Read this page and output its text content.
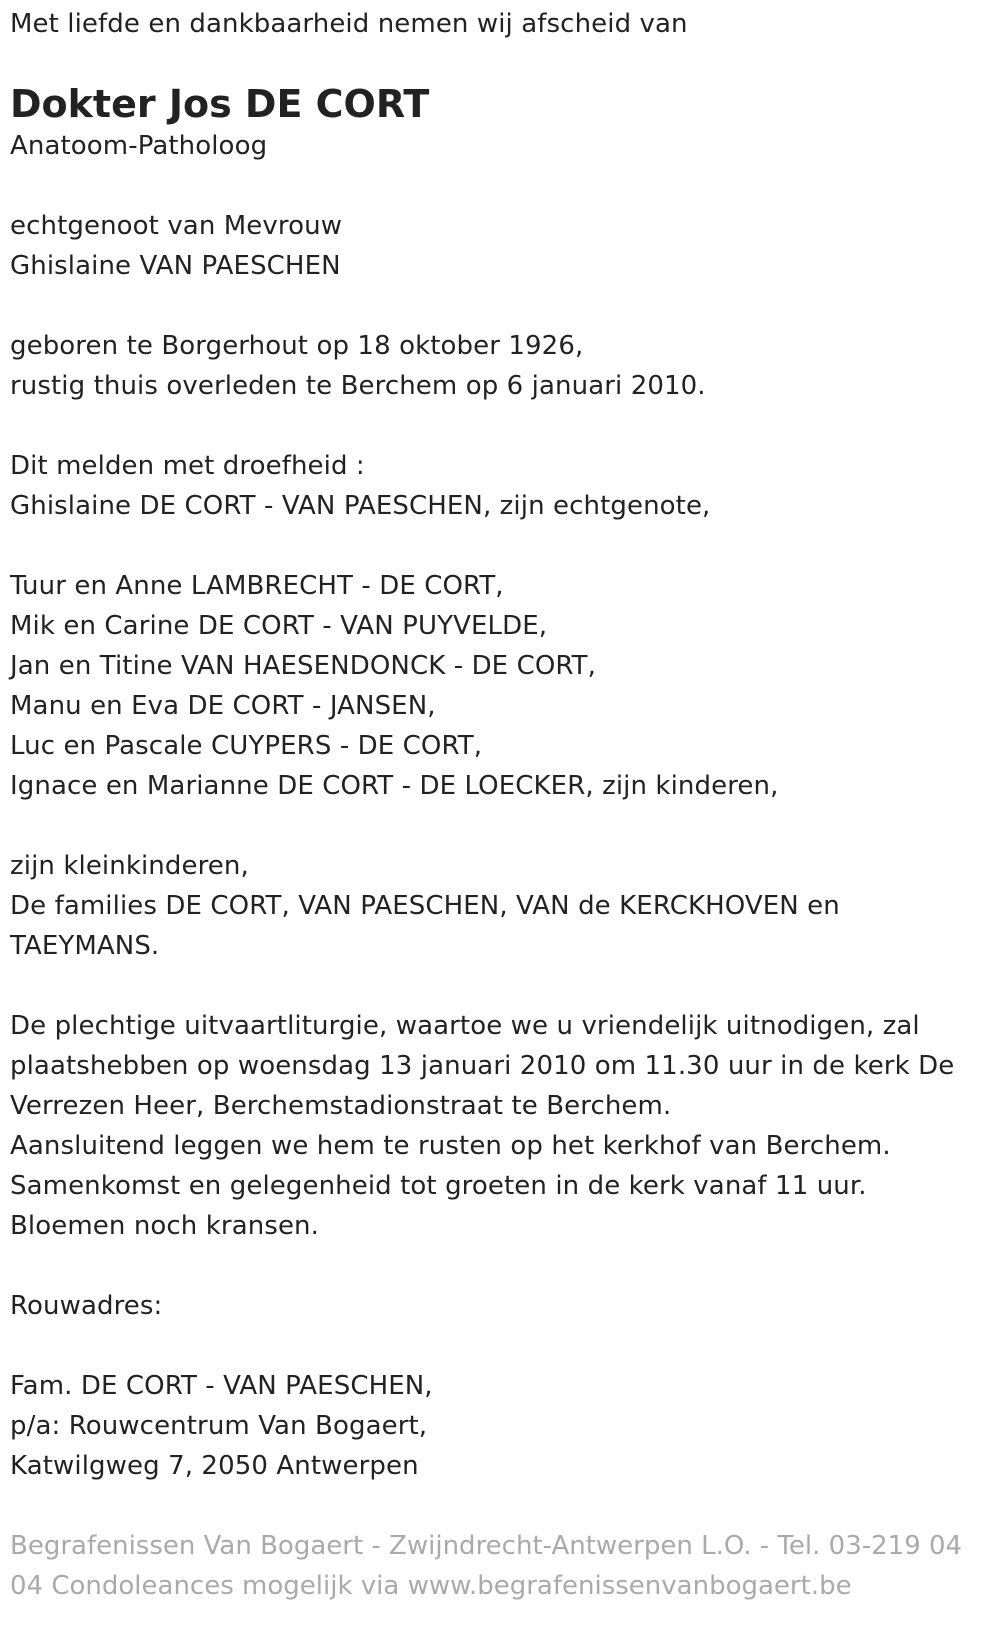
Met liefde en dankbaarheid nemen wij afscheid van
Dokter Jos DE CORT
Anatoom-Patholoog
echtgenoot van Mevrouw
Ghislaine VAN PAESCHEN
geboren te Borgerhout op 18 oktober 1926,
rustig thuis overleden te Berchem op 6 januari 2010.
Dit melden met droefheid :
Ghislaine DE CORT - VAN PAESCHEN, zijn echtgenote,
Tuur en Anne LAMBRECHT - DE CORT,
Mik en Carine DE CORT - VAN PUYVELDE,
Jan en Titine VAN HAESENDONCK - DE CORT,
Manu en Eva DE CORT - JANSEN,
Luc en Pascale CUYPERS - DE CORT,
Ignace en Marianne DE CORT - DE LOECKER, zijn kinderen,
zijn kleinkinderen,
De families DE CORT, VAN PAESCHEN, VAN de KERCKHOVEN en
TAEYMANS.
De plechtige uitvaartliturgie, waartoe we u vriendelijk uitnodigen, zal
plaatshebben op woensdag 13 januari 2010 om 11.30 uur in de kerk De
Verrezen Heer, Berchemstadionstraat te Berchem.
Aansluitend leggen we hem te rusten op het kerkhof van Berchem.
Samenkomst en gelegenheid tot groeten in de kerk vanaf 11 uur.
Bloemen noch kransen.
Rouwadres:
Fam. DE CORT - VAN PAESCHEN,
p/a: Rouwcentrum Van Bogaert,
Katwilgweg 7, 2050 Antwerpen
Begrafenissen Van Bogaert - Zwijndrecht-Antwerpen L.O. - Tel. 03-219 04
04 Condoleances mogelijk via www.begrafenissenvanbogaert.be
